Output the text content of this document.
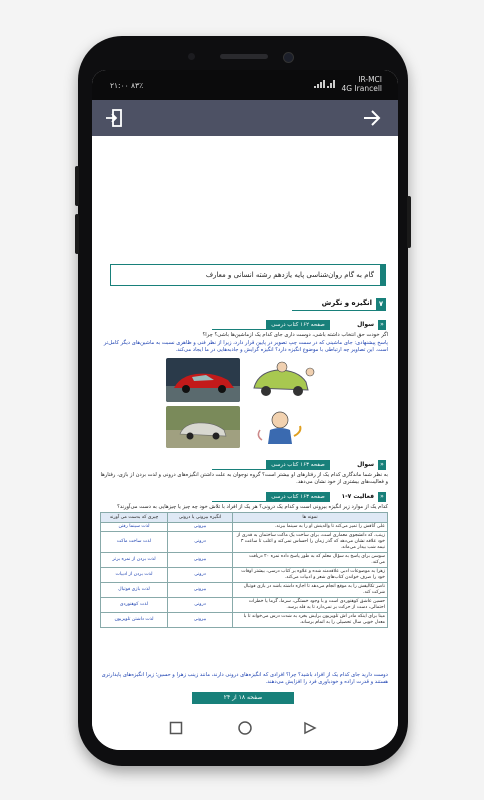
۲۱:۰۰ ۸۳٪
IR-MCI
4G Irancell
گام به گام روان‌شناسی پایه یازدهم رشته انسانی و معارف
۷
انگیزه و نگرش
«
سوال
صفحه ۱۶۲ کتاب درسی
اگر خودت حق انتخاب داشته باشی، دوست داری جای کدام یک ازماشین‌ها باشی؟ چرا؟
پاسخ پیشنهادی: جای ماشینی که در سمت چپ تصویر در پایین قرار دارد، زیرا از نظر فنی و ظاهری نسبت به ماشین‌های دیگر کامل‌تر است. این تصاویر چه ارتباطی با موضوع انگیزه دارد؟ انگیزه گرایش و جاذبه‌هایی در ما ایجاد می‌کند.
«
سوال
صفحه ۱۶۳ کتاب درسی
به نظر شما ماندگاری کدام یک از رفتارهای او بیشتر است؟ گروه نوجوان به علت داشتن انگیزه‌های درونی و لذت بردن از بازی، رفتارها و فعالیت‌های بیشتری از خود نشان می‌دهد.
«
فعالیت ۷-۱
صفحه ۱۶۳ کتاب درسی
کدام یک از موارد زیر انگیزه بیرونی است و کدام یک درونی؟ هر یک از افراد با تلاش خود چه چیز یا چیزهایی به دست می‌آورند؟
نمونه ها	انگیزه بیرونی یا درونی	چیزی که بدست می آورند
علی آتاقش را تمیز می‌کند تا والدینش او را به سینما ببرند.	بیرونی	لذت سینما رفتن
زینب، که دانشجوی معماری است، برای ساخت یک ماکت ساختمان به قدری از خود علاقه نشان می‌دهد که گذر زمان را احساس نمی‌کند و اغلب تا ساعت ۳ نیمه شب بیدار می‌ماند.	درونی	لذت ساخت ماکت
سوسن برای پاسخ به سؤال معلم که به طور پاسخ داده نمره ۲۰ دریافت می‌کند.	بیرونی	لذت بردن از نمره برتر
زهرا به موضوعات ادبی علاقه‌مند شده و علاوه بر کتاب درسی، بیشتر اوقات خود را صرف خواندن کتاب‌های شعر و ادبیات می‌کند.	درونی	لذت بردن از ادبیات
ناصر تکالیفش را به موقع انجام می‌دهد تا اجازه داشته باشد در بازی فوتبال شرکت کند.	بیرونی	لذت بازی فوتبال
حسین عاشق کوهنوردی است و با وجود خستگی، سرما، گرما یا خطرات احتمالی، دست از حرکت بر نمی‌دارد تا به قله برسد.	درونی	لذت کوهنوردی
مینا برای اینکه مادر اش تلویزیون برایش بخرد به شدت درس می‌خواند تا با معدل خوبی سال تحصیلی را به اتمام برساند.	بیرونی	لذت داشتن تلویزیون
دوست دارید جای کدام یک از افراد باشید؟ چرا؟ افرادی که انگیزه‌های درونی دارند، مانند زینب زهرا و حسین؛ زیرا انگیزه‌های پایدارتری هستند و قدرت اراده و خودباوری فرد را افزایش می‌دهند.
صفحه ۱۸ از ۲۴
